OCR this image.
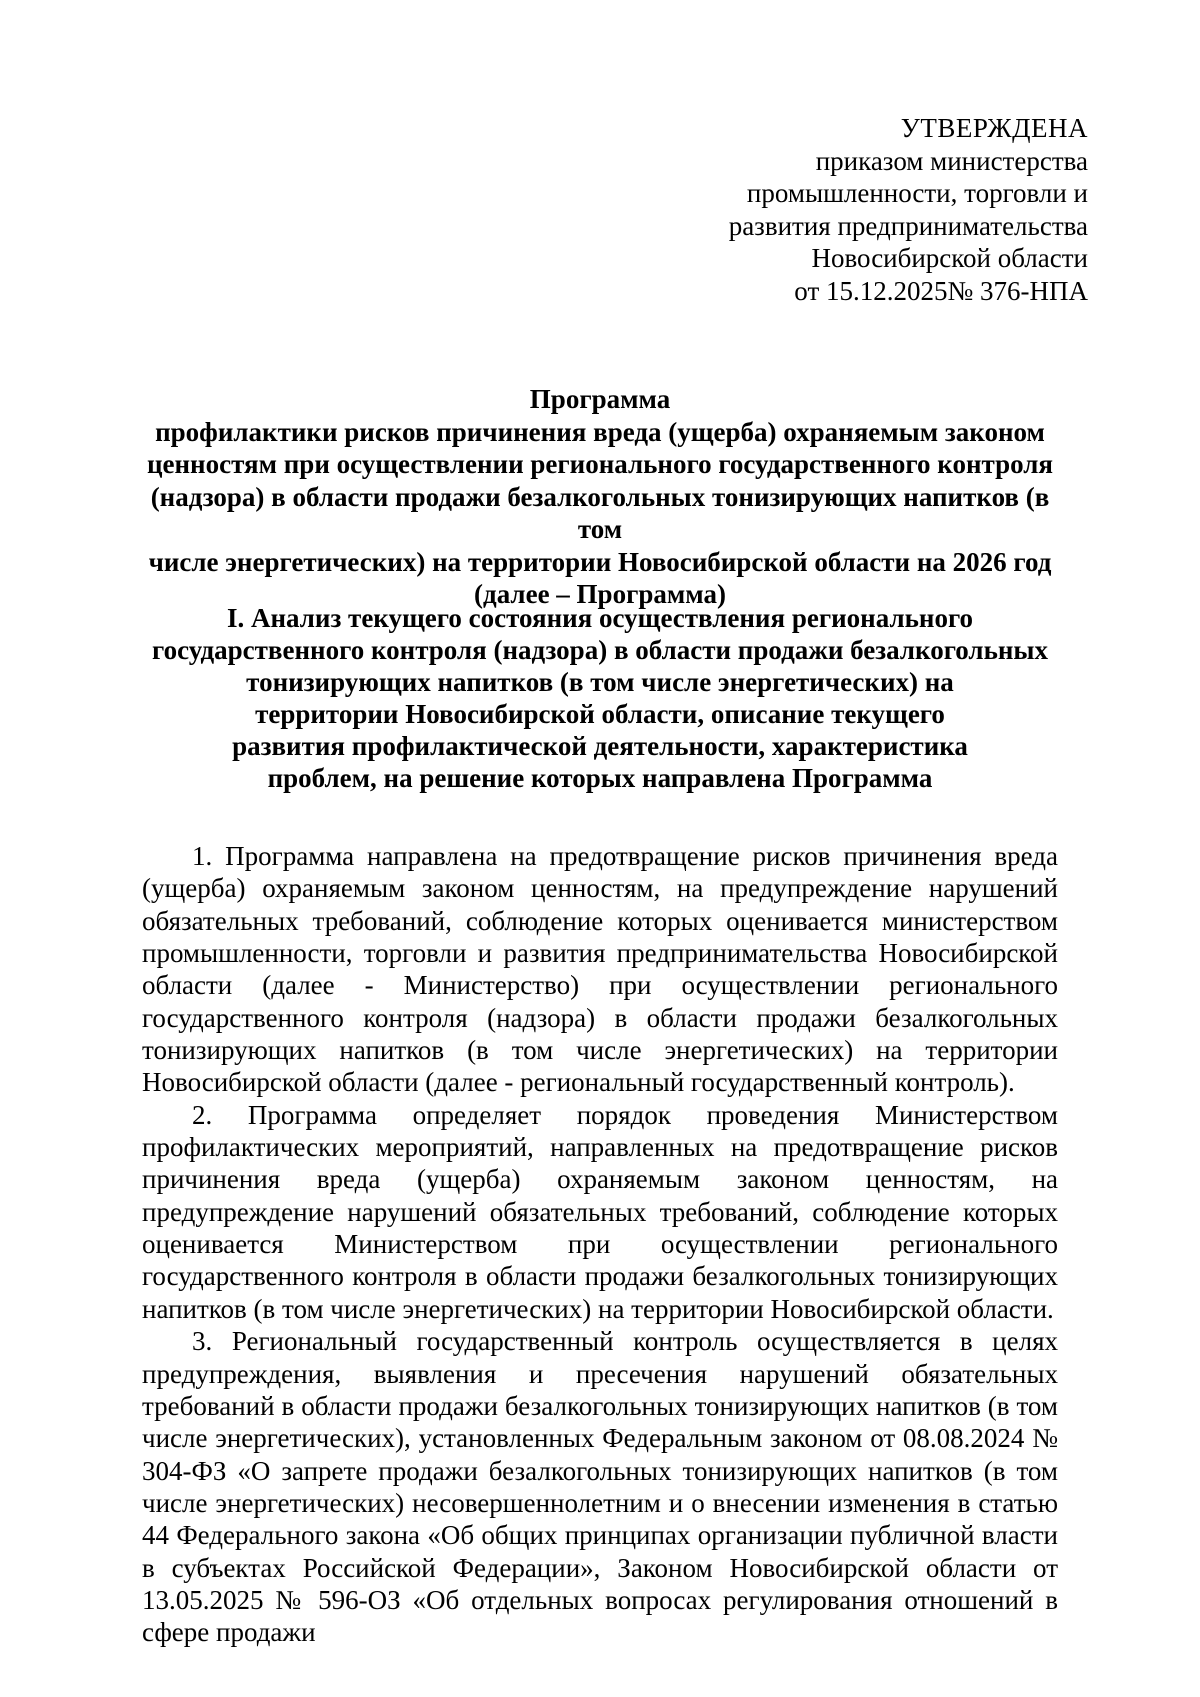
УТВЕРЖДЕНА
приказом министерства
промышленности, торговли и
развития предпринимательства
Новосибирской области
от 15.12.2025№ 376-НПА
Программа
профилактики рисков причинения вреда (ущерба) охраняемым законом
ценностям при осуществлении регионального государственного контроля
(надзора) в области продажи безалкогольных тонизирующих напитков (в том
числе энергетических) на территории Новосибирской области на 2026 год
(далее – Программа)
I. Анализ текущего состояния осуществления регионального
государственного контроля (надзора) в области продажи безалкогольных
тонизирующих напитков (в том числе энергетических) на
территории Новосибирской области, описание текущего
развития профилактической деятельности, характеристика
проблем, на решение которых направлена Программа

1. Программа направлена на предотвращение рисков причинения вреда (ущерба) охраняемым законом ценностям, на предупреждение нарушений обязательных требований, соблюдение которых оценивается министерством промышленности, торговли и развития предпринимательства Новосибирской области (далее - Министерство) при осуществлении регионального государственного контроля (надзора) в области продажи безалкогольных тонизирующих напитков (в том числе энергетических) на территории Новосибирской области (далее - региональный государственный контроль).

2. Программа определяет порядок проведения Министерством профилактических мероприятий, направленных на предотвращение рисков причинения вреда (ущерба) охраняемым законом ценностям, на предупреждение нарушений обязательных требований, соблюдение которых оценивается Министерством при осуществлении регионального государственного контроля в области продажи безалкогольных тонизирующих напитков (в том числе энергетических) на территории Новосибирской области.

3. Региональный государственный контроль осуществляется в целях предупреждения, выявления и пресечения нарушений обязательных требований в области продажи безалкогольных тонизирующих напитков (в том числе энергетических), установленных Федеральным законом от 08.08.2024 № 304-ФЗ «О запрете продажи безалкогольных тонизирующих напитков (в том числе энергетических) несовершеннолетним и о внесении изменения в статью 44 Федерального закона «Об общих принципах организации публичной власти в субъектах Российской Федерации», Законом Новосибирской области от 13.05.2025 № 596-ОЗ «Об отдельных вопросах регулирования отношений в сфере продажи
